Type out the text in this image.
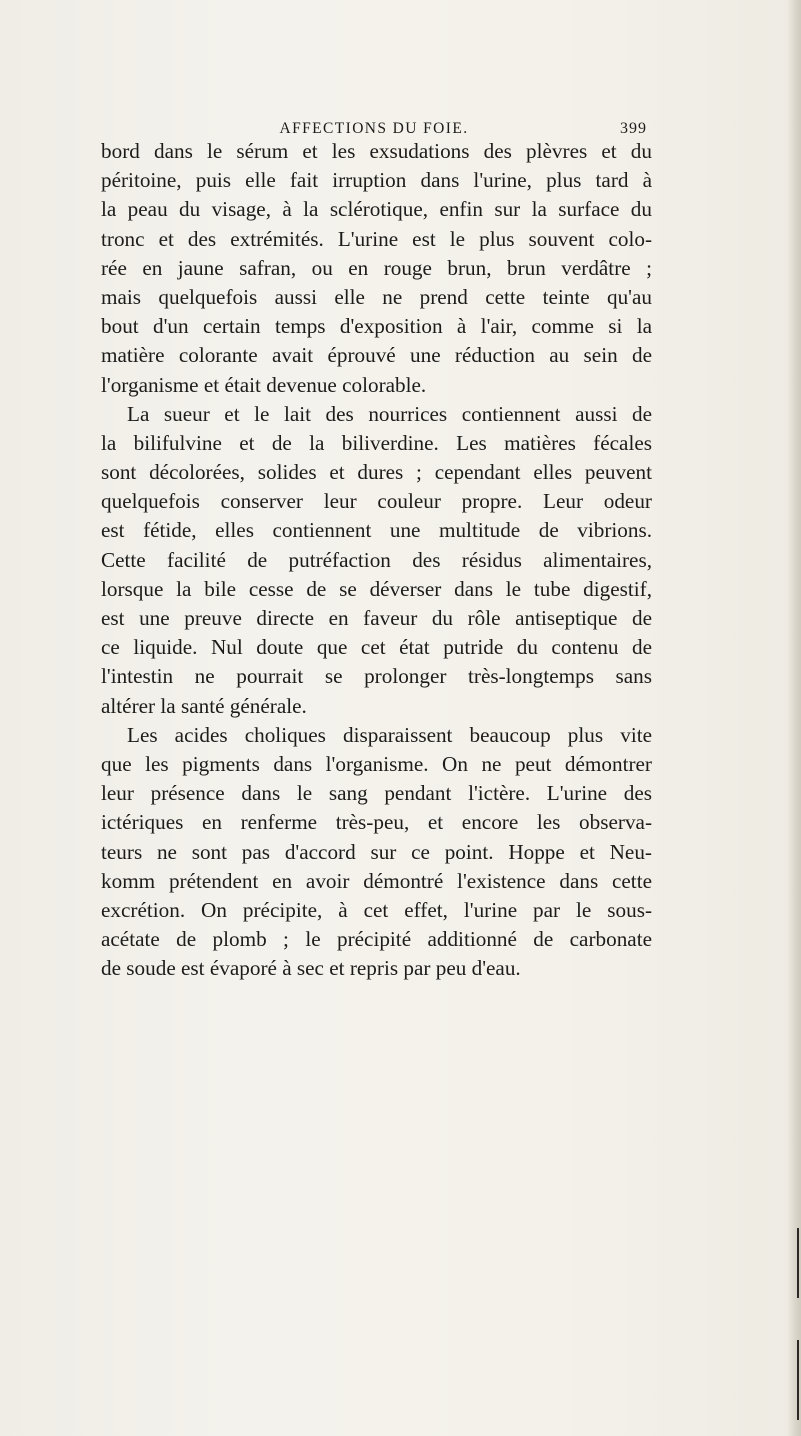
AFFECTIONS DU FOIE.	399
bord dans le sérum et les exsudations des plèvres et du
péritoine, puis elle fait irruption dans l'urine, plus tard à
la peau du visage, à la sclérotique, enfin sur la surface du
tronc et des extrémités. L'urine est le plus souvent colo-
rée en jaune safran, ou en rouge brun, brun verdâtre ;
mais quelquefois aussi elle ne prend cette teinte qu'au
bout d'un certain temps d'exposition à l'air, comme si la
matière colorante avait éprouvé une réduction au sein de
l'organisme et était devenue colorable.
La sueur et le lait des nourrices contiennent aussi de
la bilifulvine et de la biliverdine. Les matières fécales
sont décolorées, solides et dures ; cependant elles peuvent
quelquefois conserver leur couleur propre. Leur odeur
est fétide, elles contiennent une multitude de vibrions.
Cette facilité de putréfaction des résidus alimentaires,
lorsque la bile cesse de se déverser dans le tube digestif,
est une preuve directe en faveur du rôle antiseptique de
ce liquide. Nul doute que cet état putride du contenu de
l'intestin ne pourrait se prolonger très-longtemps sans
altérer la santé générale.
Les acides choliques disparaissent beaucoup plus vite
que les pigments dans l'organisme. On ne peut démontrer
leur présence dans le sang pendant l'ictère. L'urine des
ictériques en renferme très-peu, et encore les observa-
teurs ne sont pas d'accord sur ce point. Hoppe et Neu-
komm prétendent en avoir démontré l'existence dans cette
excrétion. On précipite, à cet effet, l'urine par le sous-
acétate de plomb ; le précipité additionné de carbonate
de soude est évaporé à sec et repris par peu d'eau.
